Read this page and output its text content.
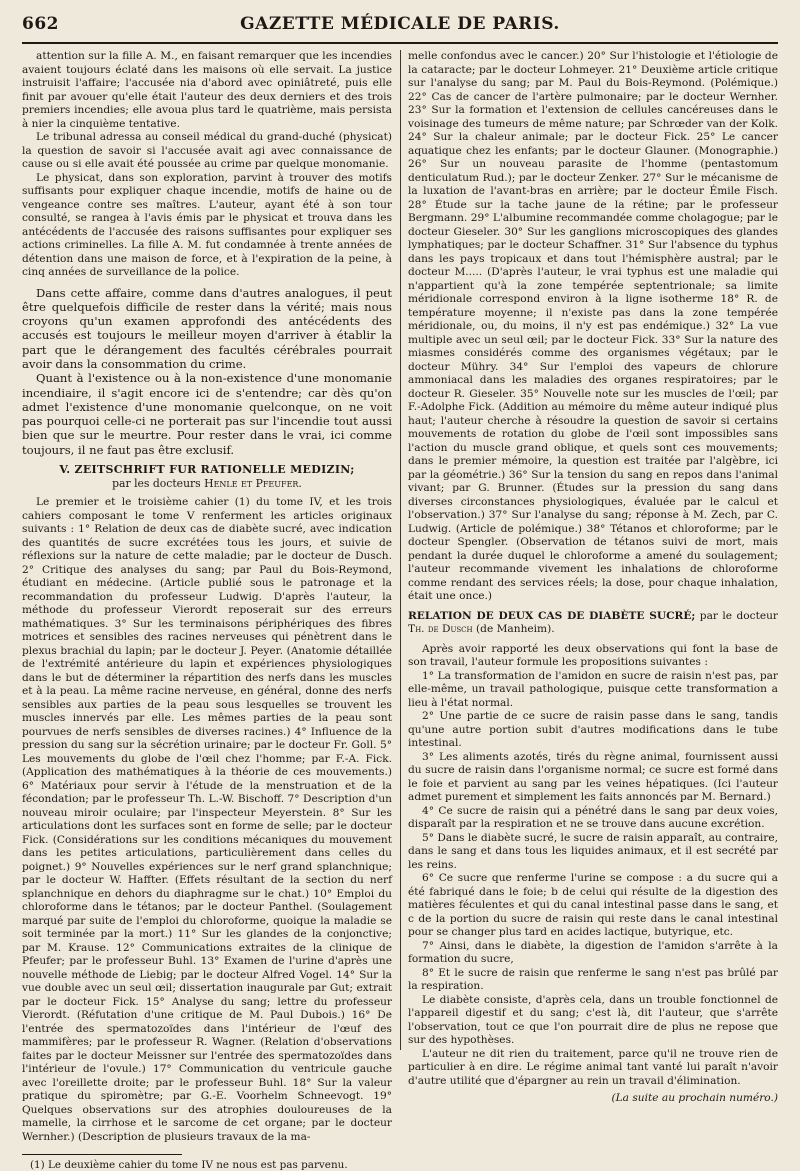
662	GAZETTE MÉDICALE DE PARIS.

attention sur la fille A. M., en faisant remarquer que les incendies avaient toujours éclaté dans les maisons où elle servait. La justice instruisit l'affaire; l'accusée nia d'abord avec opiniâtreté, puis elle finit par avouer qu'elle était l'auteur des deux derniers et des trois premiers incendies; elle avoua plus tard le quatrième, mais persista à nier la cinquième tentative.

Le tribunal adressa au conseil médical du grand-duché (physicat) la question de savoir si l'accusée avait agi avec connaissance de cause ou si elle avait été poussée au crime par quelque monomanie.

Le physicat, dans son exploration, parvint à trouver des motifs suffisants pour expliquer chaque incendie, motifs de haine ou de vengeance contre ses maîtres. L'auteur, ayant été à son tour consulté, se rangea à l'avis émis par le physicat et trouva dans les antécédents de l'accusée des raisons suffisantes pour expliquer ses actions criminelles. La fille A. M. fut condamnée à trente années de détention dans une maison de force, et à l'expiration de la peine, à cinq années de surveillance de la police.

Dans cette affaire, comme dans d'autres analogues, il peut être quelquefois difficile de rester dans la vérité; mais nous croyons qu'un examen approfondi des antécédents des accusés est toujours le meilleur moyen d'arriver à établir la part que le dérangement des facultés cérébrales pourrait avoir dans la consommation du crime.

Quant à l'existence ou à la non-existence d'une monomanie incendiaire, il s'agit encore ici de s'entendre; car dès qu'on admet l'existence d'une monomanie quelconque, on ne voit pas pourquoi celle-ci ne porterait pas sur l'incendie tout aussi bien que sur le meurtre. Pour rester dans le vrai, ici comme toujours, il ne faut pas être exclusif.

V. ZEITSCHRIFT FUR RATIONELLE MEDIZIN;

par les docteurs Henle et Pfeufer.

Le premier et le troisième cahier (1) du tome IV, et les trois cahiers composant le tome V renferment les articles originaux suivants : 1° Relation de deux cas de diabète sucré, avec indication des quantités de sucre excrétées tous les jours, et suivie de réflexions sur la nature de cette maladie; par le docteur de Dusch. 2° Critique des analyses du sang; par Paul du Bois-Reymond, étudiant en médecine. (Article publié sous le patronage et la recommandation du professeur Ludwig. D'après l'auteur, la méthode du professeur Vierordt reposerait sur des erreurs mathématiques. 3° Sur les terminaisons périphériques des fibres motrices et sensibles des racines nerveuses qui pénètrent dans le plexus brachial du lapin; par le docteur J. Peyer. (Anatomie détaillée de l'extrémité antérieure du lapin et expériences physiologiques dans le but de déterminer la répartition des nerfs dans les muscles et à la peau. La même racine nerveuse, en général, donne des nerfs sensibles aux parties de la peau sous lesquelles se trouvent les muscles innervés par elle. Les mêmes parties de la peau sont pourvues de nerfs sensibles de diverses racines.) 4° Influence de la pression du sang sur la sécrétion urinaire; par le docteur Fr. Goll. 5° Les mouvements du globe de l'œil chez l'homme; par F.-A. Fick. (Application des mathématiques à la théorie de ces mouvements.) 6° Matériaux pour servir à l'étude de la menstruation et de la fécondation; par le professeur Th. L.-W. Bischoff. 7° Description d'un nouveau miroir oculaire; par l'inspecteur Meyerstein. 8° Sur les articulations dont les surfaces sont en forme de selle; par le docteur Fick. (Considérations sur les conditions mécaniques du mouvement dans les petites articulations, particulièrement dans celles du poignet.) 9° Nouvelles expériences sur le nerf grand splanchnique; par le docteur W. Haffter. (Effets résultant de la section du nerf splanchnique en dehors du diaphragme sur le chat.) 10° Emploi du chloroforme dans le tétanos; par le docteur Panthel. (Soulagement marqué par suite de l'emploi du chloroforme, quoique la maladie se soit terminée par la mort.) 11° Sur les glandes de la conjonctive; par M. Krause. 12° Communications extraites de la clinique de Pfeufer; par le professeur Buhl. 13° Examen de l'urine d'après une nouvelle méthode de Liebig; par le docteur Alfred Vogel. 14° Sur la vue double avec un seul œil; dissertation inaugurale par Gut; extrait par le docteur Fick. 15° Analyse du sang; lettre du professeur Vierordt. (Réfutation d'une critique de M. Paul Dubois.) 16° De l'entrée des spermatozoïdes dans l'intérieur de l'œuf des mammifères; par le professeur R. Wagner. (Relation d'observations faites par le docteur Meissner sur l'entrée des spermatozoïdes dans l'intérieur de l'ovule.) 17° Communication du ventricule gauche avec l'oreillette droite; par le professeur Buhl. 18° Sur la valeur pratique du spiromètre; par G.-E. Voorhelm Schneevogt. 19° Quelques observations sur des atrophies douloureuses de la mamelle, la cirrhose et le sarcome de cet organe; par le docteur Wernher.) (Description de plusieurs travaux de la ma-

(1) Le deuxième cahier du tome IV ne nous est pas parvenu.

melle confondus avec le cancer.) 20° Sur l'histologie et l'étiologie de la cataracte; par le docteur Lohmeyer. 21° Deuxième article critique sur l'analyse du sang; par M. Paul du Bois-Reymond. (Polémique.) 22° Cas de cancer de l'artère pulmonaire; par le docteur Wernher. 23° Sur la formation et l'extension de cellules cancéreuses dans le voisinage des tumeurs de même nature; par Schrœder van der Kolk. 24° Sur la chaleur animale; par le docteur Fick. 25° Le cancer aquatique chez les enfants; par le docteur Glauner. (Monographie.) 26° Sur un nouveau parasite de l'homme (pentastomum denticulatum Rud.); par le docteur Zenker. 27° Sur le mécanisme de la luxation de l'avant-bras en arrière; par le docteur Émile Fisch. 28° Étude sur la tache jaune de la rétine; par le professeur Bergmann. 29° L'albumine recommandée comme cholagogue; par le docteur Gieseler. 30° Sur les ganglions microscopiques des glandes lymphatiques; par le docteur Schaffner. 31° Sur l'absence du typhus dans les pays tropicaux et dans tout l'hémisphère austral; par le docteur M..... (D'après l'auteur, le vrai typhus est une maladie qui n'appartient qu'à la zone tempérée septentrionale; sa limite méridionale correspond environ à la ligne isotherme 18° R. de température moyenne; il n'existe pas dans la zone tempérée méridionale, ou, du moins, il n'y est pas endémique.) 32° La vue multiple avec un seul œil; par le docteur Fick. 33° Sur la nature des miasmes considérés comme des organismes végétaux; par le docteur Mühry. 34° Sur l'emploi des vapeurs de chlorure ammoniacal dans les maladies des organes respiratoires; par le docteur R. Gieseler. 35° Nouvelle note sur les muscles de l'œil; par F.-Adolphe Fick. (Addition au mémoire du même auteur indiqué plus haut; l'auteur cherche à résoudre la question de savoir si certains mouvements de rotation du globe de l'œil sont impossibles sans l'action du muscle grand oblique, et quels sont ces mouvements; dans le premier mémoire, la question est traitée par l'algèbre, ici par la géométrie.) 36° Sur la tension du sang en repos dans l'animal vivant; par G. Brunner. (Études sur la pression du sang dans diverses circonstances physiologiques, évaluée par le calcul et l'observation.) 37° Sur l'analyse du sang; réponse à M. Zech, par C. Ludwig. (Article de polémique.) 38° Tétanos et chloroforme; par le docteur Spengler. (Observation de tétanos suivi de mort, mais pendant la durée duquel le chloroforme a amené du soulagement; l'auteur recommande vivement les inhalations de chloroforme comme rendant des services réels; la dose, pour chaque inhalation, était une once.)

RELATION DE DEUX CAS DE DIABÈTE SUCRÉ; par le docteur Th. de Dusch (de Manheim).

Après avoir rapporté les deux observations qui font la base de son travail, l'auteur formule les propositions suivantes :

1° La transformation de l'amidon en sucre de raisin n'est pas, par elle-même, un travail pathologique, puisque cette transformation a lieu à l'état normal.

2° Une partie de ce sucre de raisin passe dans le sang, tandis qu'une autre portion subit d'autres modifications dans le tube intestinal.

3° Les aliments azotés, tirés du règne animal, fournissent aussi du sucre de raisin dans l'organisme normal; ce sucre est formé dans le foie et parvient au sang par les veines hépatiques. (Ici l'auteur admet purement et simplement les faits annoncés par M. Bernard.)

4° Ce sucre de raisin qui a pénétré dans le sang par deux voies, disparaît par la respiration et ne se trouve dans aucune excrétion.

5° Dans le diabète sucré, le sucre de raisin apparaît, au contraire, dans le sang et dans tous les liquides animaux, et il est secrété par les reins.

6° Ce sucre que renferme l'urine se compose : a du sucre qui a été fabriqué dans le foie; b de celui qui résulte de la digestion des matières féculentes et qui du canal intestinal passe dans le sang, et c de la portion du sucre de raisin qui reste dans le canal intestinal pour se changer plus tard en acides lactique, butyrique, etc.

7° Ainsi, dans le diabète, la digestion de l'amidon s'arrête à la formation du sucre,

8° Et le sucre de raisin que renferme le sang n'est pas brûlé par la respiration.

Le diabète consiste, d'après cela, dans un trouble fonctionnel de l'appareil digestif et du sang; c'est là, dit l'auteur, que s'arrête l'observation, tout ce que l'on pourrait dire de plus ne repose que sur des hypothèses.

L'auteur ne dit rien du traitement, parce qu'il ne trouve rien de particulier à en dire. Le régime animal tant vanté lui paraît n'avoir d'autre utilité que d'épargner au rein un travail d'élimination.

(La suite au prochain numéro.)
